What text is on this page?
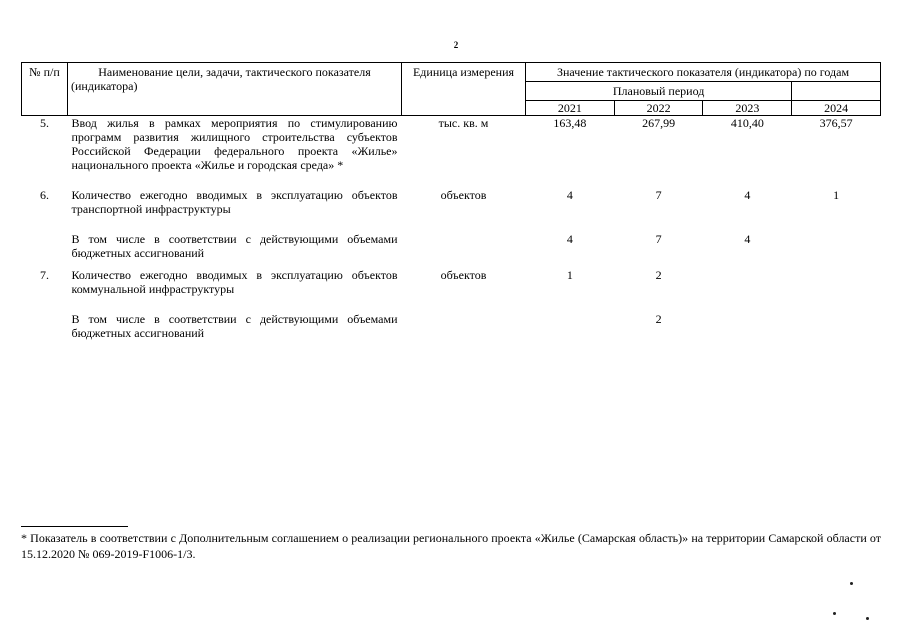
2
№ п/п	Наименование цели, задачи, тактического показателя (индикатора)	Единица измерения	Значение тактического показателя (индикатора) по годам			
			Плановый период			
			2021	2022	2023	2024
5.	Ввод жилья в рамках мероприятия по стимулированию программ развития жилищного строительства субъектов Российской Федерации федерального проекта «Жилье» национального проекта «Жилье и городская среда» *	тыс. кв. м	163,48	267,99	410,40	376,57

6.	Количество ежегодно вводимых в эксплуатацию объектов транспортной инфраструктуры	объектов	4	7	4	1

	В том числе в соответствии с действующими объемами бюджетных ассигнований		4	7	4	

7.	Количество ежегодно вводимых в эксплуатацию объектов коммунальной инфраструктуры	объектов	1	2		

	В том числе в соответствии с действующими объемами бюджетных ассигнований			2		
* Показатель в соответствии с Дополнительным соглашением о реализации регионального проекта «Жилье (Самарская область)» на территории Самарской области от 15.12.2020 № 069-2019-F1006-1/3.
